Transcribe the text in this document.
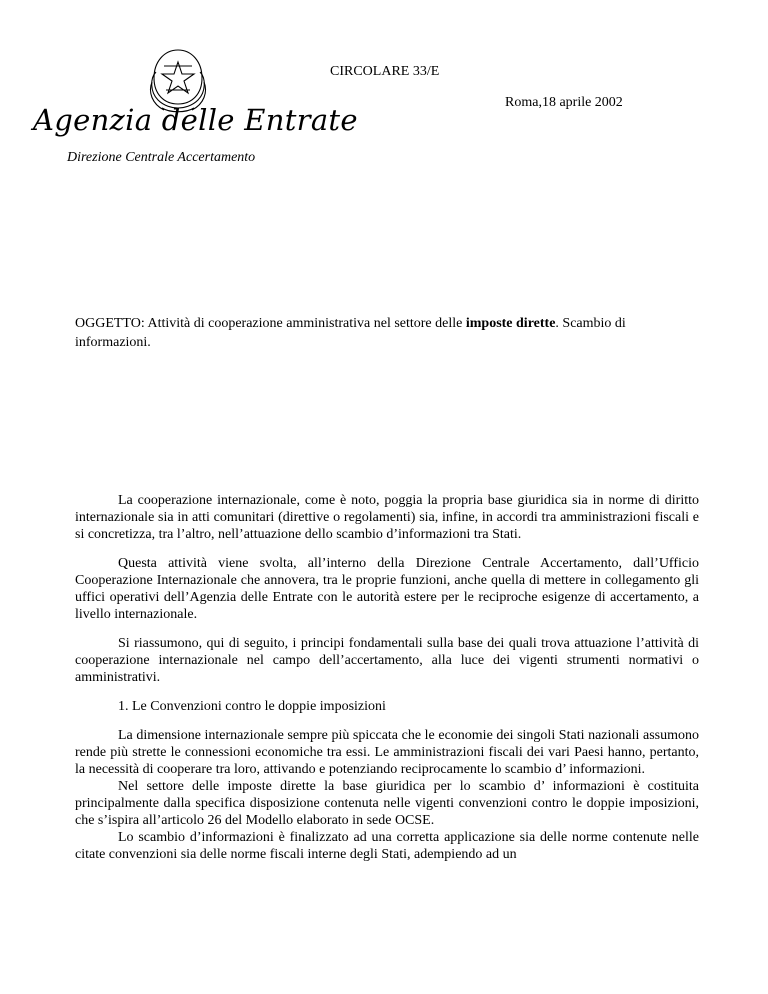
Agenzia delle Entrate
Direzione Centrale Accertamento
CIRCOLARE 33/E
Roma,18 aprile 2002
OGGETTO: Attività di cooperazione amministrativa nel settore delle imposte dirette. Scambio di informazioni.

La cooperazione internazionale, come è noto, poggia la propria base giuridica sia in norme di diritto internazionale sia in atti comunitari (direttive o regolamenti) sia, infine, in accordi tra amministrazioni fiscali e si concretizza, tra l’altro, nell’attuazione dello scambio d’informazioni tra Stati.

Questa attività viene svolta, all’interno della Direzione Centrale Accertamento, dall’Ufficio Cooperazione Internazionale che annovera, tra le proprie funzioni, anche quella di mettere in collegamento gli uffici operativi dell’Agenzia delle Entrate con le autorità estere per le reciproche esigenze di accertamento, a livello internazionale.

Si riassumono, qui di seguito, i principi fondamentali sulla base dei quali trova attuazione l’attività di cooperazione internazionale nel campo dell’accertamento, alla luce dei vigenti strumenti normativi o amministrativi.

1. Le Convenzioni contro le doppie imposizioni

La dimensione internazionale sempre più spiccata che le economie dei singoli Stati nazionali assumono rende più strette le connessioni economiche tra essi. Le amministrazioni fiscali dei vari Paesi hanno, pertanto, la necessità di cooperare tra loro, attivando e potenziando reciprocamente lo scambio d’ informazioni.

Nel settore delle imposte dirette la base giuridica per lo scambio d’ informazioni è costituita principalmente dalla specifica disposizione contenuta nelle vigenti convenzioni contro le doppie imposizioni, che s’ispira all’articolo 26 del Modello elaborato in sede OCSE.

Lo scambio d’informazioni è finalizzato ad una corretta applicazione sia delle norme contenute nelle citate convenzioni sia delle norme fiscali interne degli Stati, adempiendo ad un
